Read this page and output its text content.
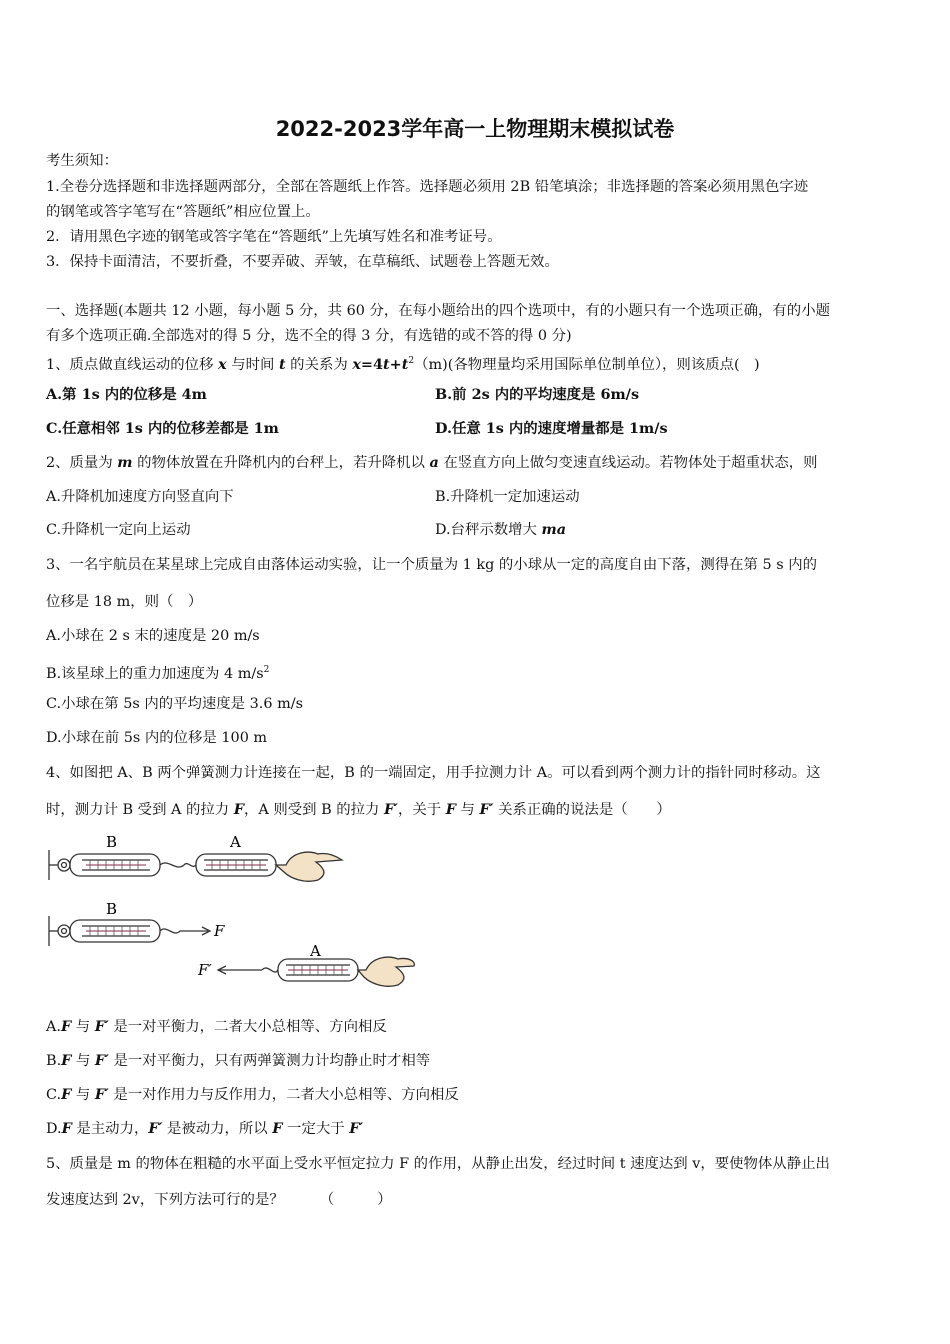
2022-2023学年高一上物理期末模拟试卷
考生须知：
1.全卷分选择题和非选择题两部分，全部在答题纸上作答。选择题必须用 2B 铅笔填涂；非选择题的答案必须用黑色字迹
的钢笔或答字笔写在“答题纸”相应位置上。
2．请用黑色字迹的钢笔或答字笔在“答题纸”上先填写姓名和准考证号。
3．保持卡面清洁，不要折叠，不要弄破、弄皱，在草稿纸、试题卷上答题无效。
一、选择题(本题共 12 小题，每小题 5 分，共 60 分，在每小题给出的四个选项中，有的小题只有一个选项正确，有的小题
有多个选项正确.全部选对的得 5 分，选不全的得 3 分，有选错的或不答的得 0 分)
1、质点做直线运动的位移 x 与时间 t 的关系为 $x=4t+t^2(m)$(各物理量均采用国际单位制单位），则该质点(　)
A.第 1s 内的位移是 4m	B.前 2s 内的平均速度是 6m/s
C.任意相邻 1s 内的位移差都是 1m	D.任意 1s 内的速度增量都是 1m/s
2、质量为 m 的物体放置在升降机内的台秤上，若升降机以 a 在竖直方向上做匀变速直线运动。若物体处于超重状态，则
A.升降机加速度方向竖直向下	B.升降机一定加速运动
C.升降机一定向上运动	D.台秤示数增大 ma
3、一名宇航员在某星球上完成自由落体运动实验，让一个质量为 1 kg 的小球从一定的高度自由下落，测得在第 5 s 内的
位移是 18 m，则（　）
A.小球在 2 s 末的速度是 20 m/s
B.该星球上的重力加速度为 4 $m/s^2$
C.小球在第 5s 内的平均速度是 3.6 m/s
D.小球在前 5s 内的位移是 100 m
4、如图把 A、B 两个弹簧测力计连接在一起，B 的一端固定，用手拉测力计 A。可以看到两个测力计的指针同时移动。这
时，测力计 B 受到 A 的拉力 F，A 则受到 B 的拉力 F′，关于 F 与 F′ 关系正确的说法是（　　）
B	A
B
F
A
F′
A.F 与 F′ 是一对平衡力，二者大小总相等、方向相反
B.F 与 F′ 是一对平衡力，只有两弹簧测力计均静止时才相等
C.F 与 F′ 是一对作用力与反作用力，二者大小总相等、方向相反
D.F 是主动力，F′ 是被动力，所以 F 一定大于 F′
5、质量是 m 的物体在粗糙的水平面上受水平恒定拉力 F 的作用，从静止出发，经过时间 t 速度达到 v，要使物体从静止出
发速度达到 2v，下列方法可行的是？　　　（　　　）
